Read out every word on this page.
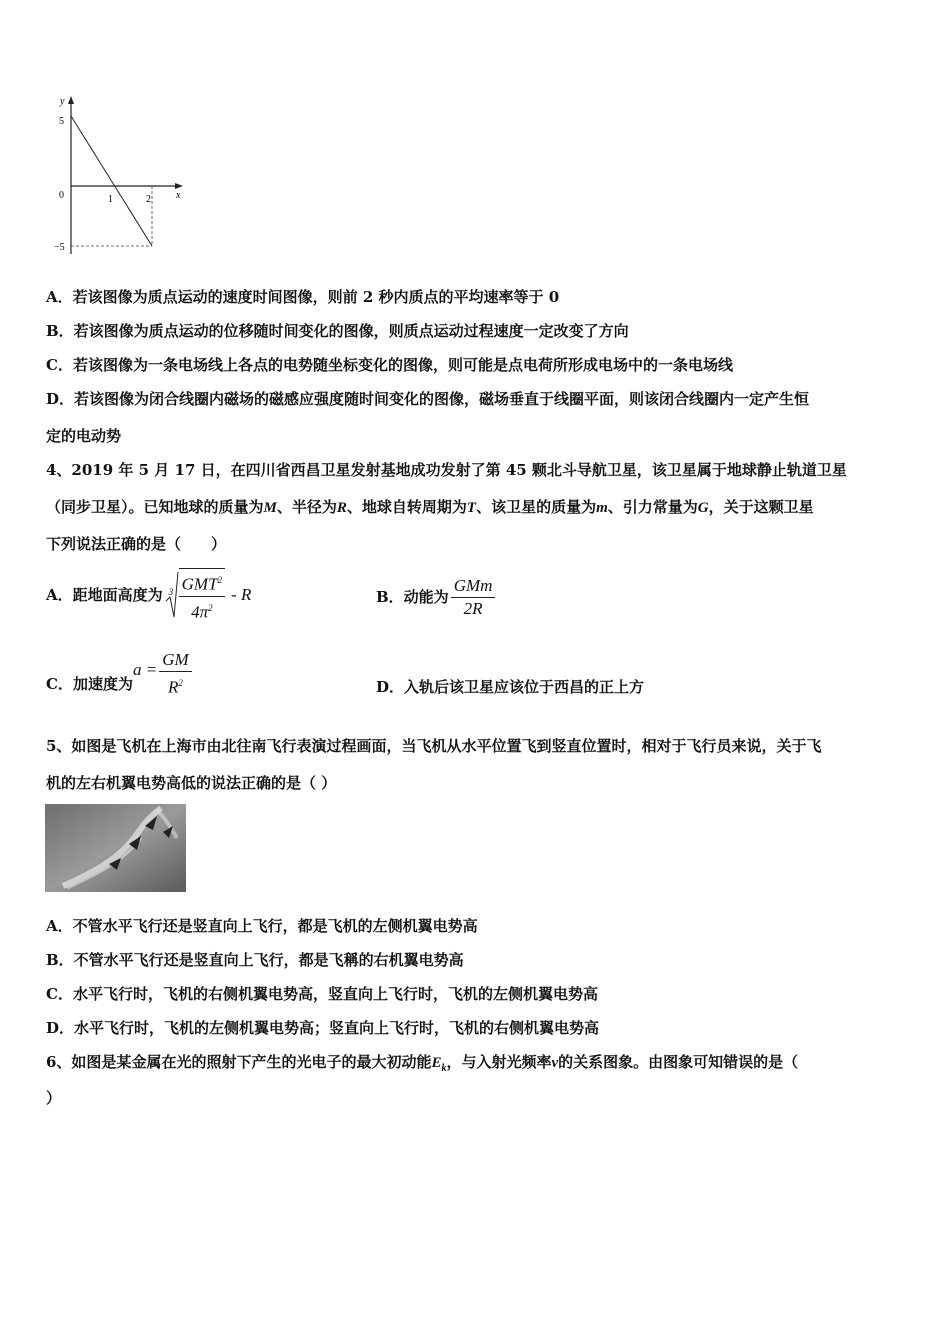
y
x
5
0
−5
1	2
A．若该图像为质点运动的速度时间图像，则前 2 秒内质点的平均速率等于 0
B．若该图像为质点运动的位移随时间变化的图像，则质点运动过程速度一定改变了方向
C．若该图像为一条电场线上各点的电势随坐标变化的图像，则可能是点电荷所形成电场中的一条电场线
D．若该图像为闭合线圈内磁场的磁感应强度随时间变化的图像，磁场垂直于线圈平面，则该闭合线圈内一定产生恒
定的电动势
4、2019 年 5 月 17 日，在四川省西昌卫星发射基地成功发射了第 45 颗北斗导航卫星，该卫星属于地球静止轨道卫星
（同步卫星）。已知地球的质量为M、半径为R、地球自转周期为T、该卫星的质量为m、引力常量为G，关于这颗卫星
下列说法正确的是（　　）
A．距地面高度为 $3 \frac{GMT^2}{4\pi^2}$ - R	B．动能为 $\frac{\text{GMm}}{2R}$
C．加速度为
$a = \frac{GM}{R^2}$	D．入轨后该卫星应该位于西昌的正上方
5、如图是飞机在上海市由北往南飞行表演过程画面，当飞机从水平位置飞到竖直位置时，相对于飞行员来说，关于飞
机的左右机翼电势高低的说法正确的是（ ）
A．不管水平飞行还是竖直向上飞行，都是飞机的左侧机翼电势高
B．不管水平飞行还是竖直向上飞行，都是飞稱的右机翼电势高
C．水平飞行时，飞机的右侧机翼电势高，竖直向上飞行时，飞机的左侧机翼电势高
D．水平飞行时，飞机的左侧机翼电势高；竖直向上飞行时，飞机的右侧机翼电势高
6、如图是某金属在光的照射下产生的光电子的最大初动能$E_k$，与入射光频率v的关系图象。由图象可知错误的是（
）
